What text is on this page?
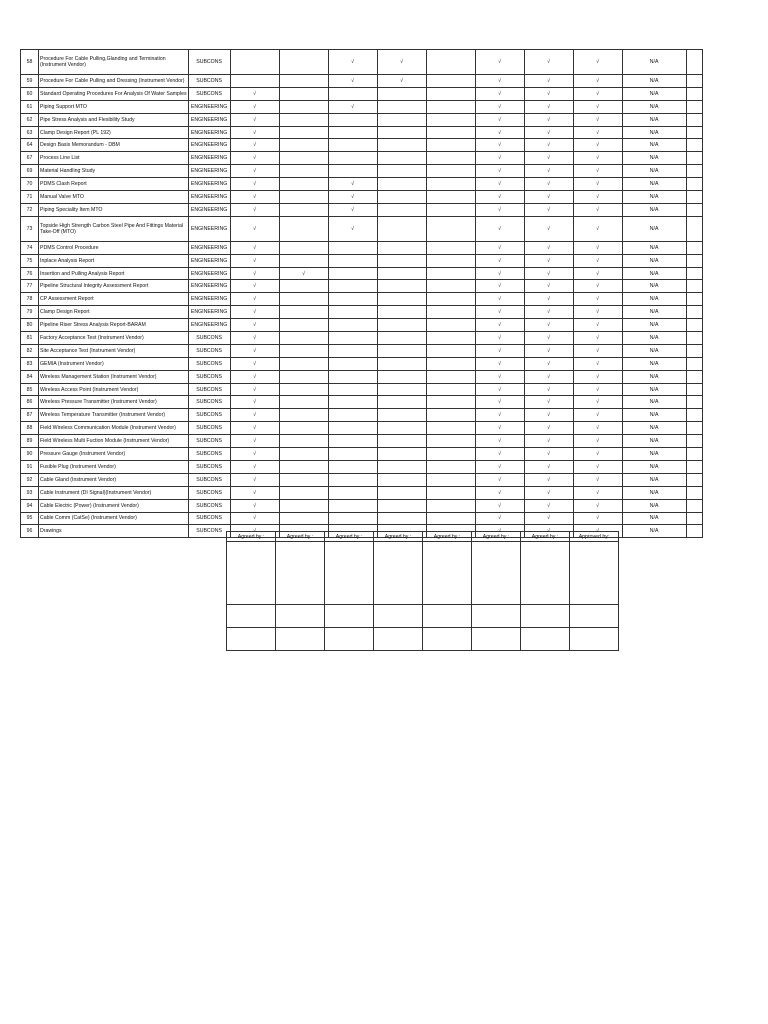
58	Procedure For Cable Pulling,Glanding and Termination (Instrument Vendor)	SUBCONS			√	√		√	√	√	N/A	
59	Procedure For Cable Pulling and Dressing (Instrument Vendor)	SUBCONS			√	√		√	√	√	N/A	
60	Standard Operating Procedures For Analysis Of Water Samples	SUBCONS	√					√	√	√	N/A	
61	Piping Support MTO	ENGINEERING	√		√			√	√	√	N/A	
62	Pipe Stress Analysis and Flexibility Study	ENGINEERING	√					√	√	√	N/A	
63	Clamp Design Report (PL 192)	ENGINEERING	√					√	√	√	N/A	
64	Design Basis Memorandum - DBM	ENGINEERING	√					√	√	√	N/A	
67	Process Line List	ENGINEERING	√					√	√	√	N/A	
69	Material Handling Study	ENGINEERING	√					√	√	√	N/A	
70	PDMS Clash Report	ENGINEERING	√		√			√	√	√	N/A	
71	Manual Valve MTO	ENGINEERING	√		√			√	√	√	N/A	
72	Piping Speciality Item MTO	ENGINEERING	√		√			√	√	√	N/A	
73	Topside High Strength Carbon Steel Pipe And Fittings Material Take-Off (MTO)	ENGINEERING	√		√			√	√	√	N/A	
74	PDMS Control Procedure	ENGINEERING	√					√	√	√	N/A	
75	Inplace Analysis Report	ENGINEERING	√					√	√	√	N/A	
76	Insertion and Pulling Analysis Report	ENGINEERING	√	√				√	√	√	N/A	
77	Pipeline Structural Integrity Assessment Report	ENGINEERING	√					√	√	√	N/A	
78	CP Assessment Report	ENGINEERING	√					√	√	√	N/A	
79	Clamp Design Report	ENGINEERING	√					√	√	√	N/A	
80	Pipeline Riser Stress Analysis Report-BARAM	ENGINEERING	√					√	√	√	N/A	
81	Factory Acceptance Test (Instrument Vendor)	SUBCONS	√					√	√	√	N/A	
82	Site Acceptance Test (Instrument Vendor)	SUBCONS	√					√	√	√	N/A	
83	GEMIA (Instrument Vendor)	SUBCONS	√					√	√	√	N/A	
84	Wireless Management Station (Instrument Vendor)	SUBCONS	√					√	√	√	N/A	
85	Wireless Access Point (Instrument Vendor)	SUBCONS	√					√	√	√	N/A	
86	Wireless Pressure Transmitter (Instrument Vendor)	SUBCONS	√					√	√	√	N/A	
87	Wireless Temperature Transmitter (Instrument Vendor)	SUBCONS	√					√	√	√	N/A	
88	Field Wireless Communication Module (Instrument Vendor)	SUBCONS	√					√	√	√	N/A	
89	Field Wireless Multi Fuction Module (Instrument Vendor)	SUBCONS	√					√	√	√	N/A	
90	Pressure Gauge (Instrument Vendor)	SUBCONS	√					√	√	√	N/A	
91	Fusible Plug (Instrument Vendor)	SUBCONS	√					√	√	√	N/A	
92	Cable Gland (Instrument Vendor)	SUBCONS	√					√	√	√	N/A	
93	Cable Instrument (DI Signal)(Instrument Vendor)	SUBCONS	√					√	√	√	N/A	
94	Cable Electric (Power) (Instrument Vendor)	SUBCONS	√					√	√	√	N/A	
95	Cable Comm (CatSe) (Instrument Vendor)	SUBCONS	√					√	√	√	N/A	
96	Drawings	SUBCONS	√					√	√	√	N/A	
Agreed by :	Agreed by :	Agreed by :	Agreed by :	Agreed by :	Agreed by :	Agreed by :	Approved by:
